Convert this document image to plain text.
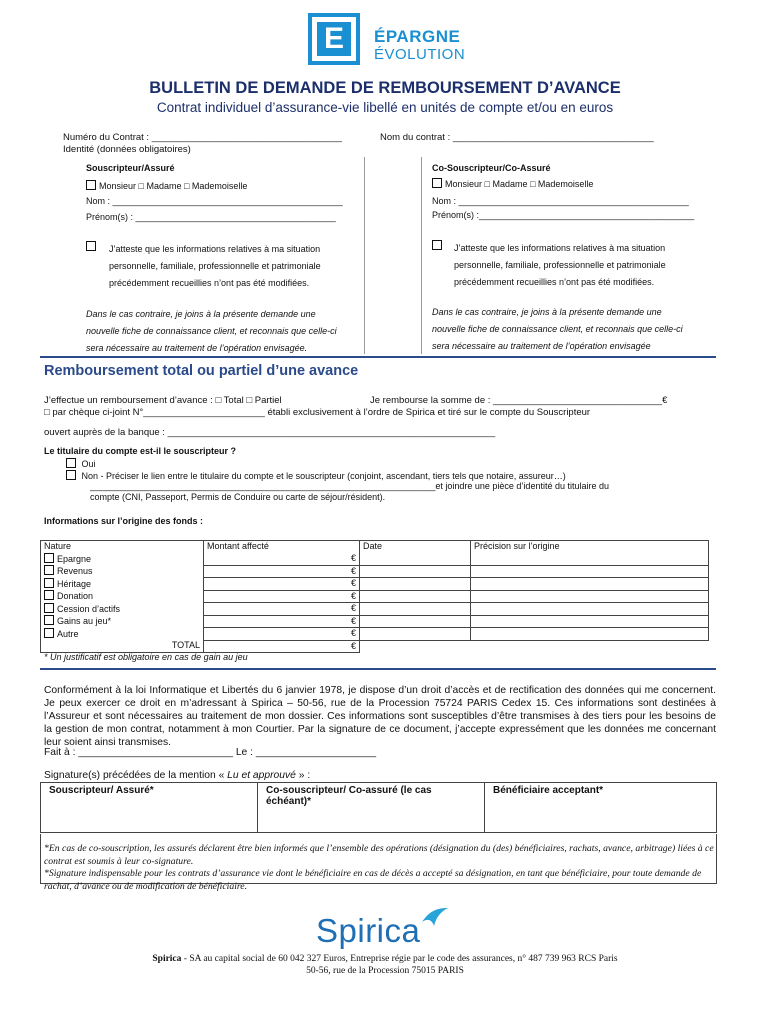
E	ÉPARGNE
ÉVOLUTION
BULLETIN DE DEMANDE DE REMBOURSEMENT D’AVANCE
Contrat individuel d’assurance-vie libellé en unités de compte et/ou en euros
Numéro du Contrat : ____________________________________	Nom du contrat : ______________________________________
Identité (données obligatoires)
Souscripteur/Assuré
Monsieur □ Madame □ Mademoiselle
Nom : ______________________________________________
Prénom(s) : ________________________________________
J’atteste que les informations relatives à ma situation
personnelle, familiale, professionnelle et patrimoniale
précédemment recueillies n’ont pas été modifiées.
Dans le cas contraire, je joins à la présente demande une
nouvelle fiche de connaissance client, et reconnais que celle-ci
sera nécessaire au traitement de l’opération envisagée.
Co-Souscripteur/Co-Assuré
Monsieur □ Madame □ Mademoiselle
Nom : ______________________________________________
Prénom(s) :___________________________________________
J’atteste que les informations relatives à ma situation
personnelle, familiale, professionnelle et patrimoniale
précédemment recueillies n’ont pas été modifiées.
Dans le cas contraire, je joins à la présente demande une
nouvelle fiche de connaissance client, et reconnais que celle-ci
sera nécessaire au traitement de l’opération envisagée
Remboursement total ou partiel d’une avance
J’effectue un remboursement d’avance : □ Total □ Partiel	Je rembourse la somme de : ________________________________€
□ par chèque ci-joint N°_______________________ établi exclusivement à l’ordre de Spirica et tiré sur le compte du Souscripteur
ouvert auprès de la banque : ______________________________________________________________
Le titulaire du compte est-il le souscripteur ?
Oui
Non - Préciser le lien entre le titulaire du compte et le souscripteur (conjoint, ascendant, tiers tels que notaire, assureur…)
_____________________________________________________________________et joindre une pièce d’identité du titulaire du
compte (CNI, Passeport, Permis de Conduire ou carte de séjour/résident).
Informations sur l’origine des fonds :
Nature	Montant affecté	Date	Précision sur l’origine
Epargne	€		
Revenus	€		
Héritage	€		
Donation	€		
Cession d’actifs	€		
Gains au jeu*	€		
Autre	€		
TOTAL	€		
* Un justificatif est obligatoire en cas de gain au jeu
Conformément à la loi Informatique et Libertés du 6 janvier 1978, je dispose d’un droit d’accès et de rectification des données qui me concernent. Je peux exercer ce droit en m’adressant à Spirica – 50-56, rue de la Procession 75724 PARIS Cedex 15. Ces informations sont destinées à l’Assureur et sont nécessaires au traitement de mon dossier. Ces informations sont susceptibles d’être transmises à des tiers pour les besoins de la gestion de mon contrat, notamment à mon Courtier. Par la signature de ce document, j’accepte expressément que les données me concernant leur soient ainsi transmises.
Fait à : ___________________________ Le : _____________________
Signature(s) précédées de la mention « Lu et approuvé » :
Souscripteur/ Assuré*	Co-souscripteur/ Co-assuré (le cas échéant)*	Bénéficiaire acceptant*
*En cas de co-souscription, les assurés déclarent être bien informés que l’ensemble des opérations (désignation du (des) bénéficiaires, rachats, avance, arbitrage) liées à ce contrat est soumis à leur co-signature.
*Signature indispensable pour les contrats d’assurance vie dont le bénéficiaire en cas de décès a accepté sa désignation, en tant que bénéficiaire, pour toute demande de rachat, d’avance ou de modification de bénéficiaire.
Spirica
Spirica - SA au capital social de 60 042 327 Euros, Entreprise régie par le code des assurances, n° 487 739 963 RCS Paris
50-56, rue de la Procession 75015 PARIS
